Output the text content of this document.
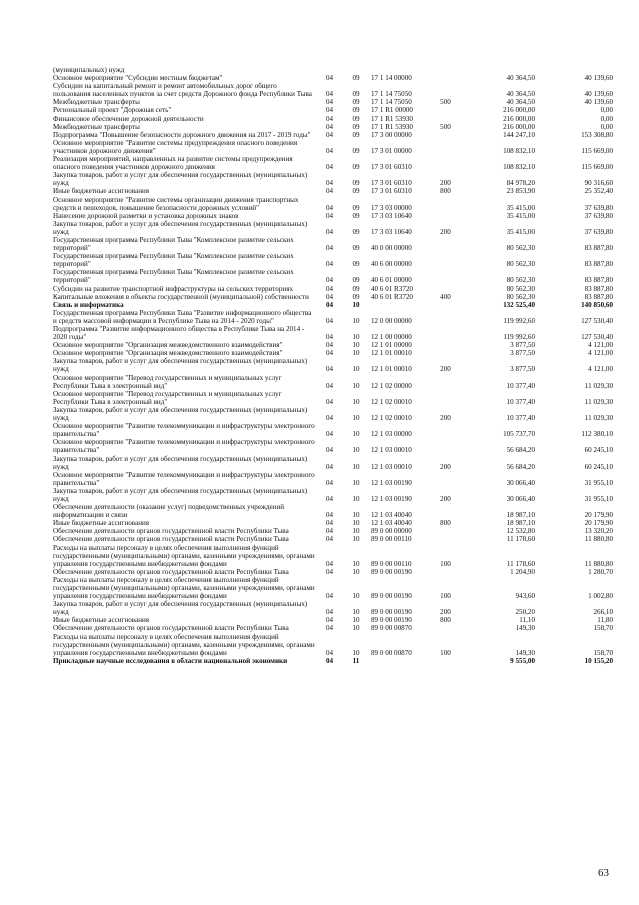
(муниципальных) нужд						
Основное мероприятие "Субсидии местным бюджетам"	04	09	17 1 14 00000		40 364,50	40 139,60
Субсидии на капитальный ремонт и ремонт автомобильных дорог общего пользования населенных пунктов за счет средств Дорожного фонда Республики Тыва	04	09	17 1 14 75050		40 364,50	40 139,60
Межбюджетные трансферты	04	09	17 1 14 75050	500	40 364,50	40 139,60
Региональный проект "Дорожная сеть"	04	09	17 1 R1 00000		216 000,00	0,00
Финансовое обеспечение дорожной деятельности	04	09	17 1 R1 53930		216 000,00	0,00
Межбюджетные трансферты	04	09	17 1 R1 53930	500	216 000,00	0,00
Подпрограмма "Повышение безопасности дорожного движения на 2017 - 2019 годы"	04	09	17 3 00 00000		144 247,10	153 308,80
Основное мероприятие "Развитие системы предупреждения опасного поведения участников дорожного движения"	04	09	17 3 01 00000		108 832,10	115 669,00
Реализация мероприятий, направленных на развитие системы предупреждения опасного поведения участников дорожного движения	04	09	17 3 01 60310		108 832,10	115 669,00
Закупка товаров, работ и услуг для обеспечения государственных (муниципальных) нужд	04	09	17 3 01 60310	200	84 978,20	90 316,60
Иные бюджетные ассигнования	04	09	17 3 01 60310	800	23 853,90	25 352,40
Основное мероприятие "Развитие системы организации движения транспортных средств и пешеходов, повышение безопасности дорожных условий"	04	09	17 3 03 00000		35 415,00	37 639,80
Нанесение дорожной разметки и установка дорожных знаков	04	09	17 3 03 10640		35 415,00	37 639,80
Закупка товаров, работ и услуг для обеспечения государственных (муниципальных) нужд	04	09	17 3 03 10640	200	35 415,00	37 639,80
Государственная программа Республики Тыва "Комплексное развитие сельских территорий"	04	09	40 0 00 00000		80 562,30	83 887,80
Государственная программа Республики Тыва "Комплексное развитие сельских территорий"	04	09	40 6 00 00000		80 562,30	83 887,80
Государственная программа Республики Тыва "Комплексное развитие сельских территорий"	04	09	40 6 01 00000		80 562,30	83 887,80
Субсидии на развитие транспортной инфраструктуры на сельских территориях	04	09	40 6 01 R3720		80 562,30	83 887,80
Капитальные вложения в объекты государственной (муниципальной) собственности	04	09	40 6 01 R3720	400	80 562,30	83 887,80
Связь и информатика	04	10			132 525,40	140 850,60
Государственная программа Республики Тыва "Развитие информационного общества и средств массовой информации в Республике Тыва на 2014 - 2020 годы"	04	10	12 0 00 00000		119 992,60	127 530,40
Подпрограмма "Развитие информационного общества в Республике Тыва на 2014 - 2020 годы"	04	10	12 1 00 00000		119 992,60	127 530,40
Основное мероприятие "Организация межведомственного взаимодействия"	04	10	12 1 01 00000		3 877,50	4 121,00
Основное мероприятие "Организация межведомственного взаимодействия"	04	10	12 1 01 00010		3 877,50	4 121,00
Закупка товаров, работ и услуг для обеспечения государственных (муниципальных) нужд	04	10	12 1 01 00010	200	3 877,50	4 121,00
Основное мероприятие "Перевод государственных и муниципальных услуг Республики Тыва в электронный вид"	04	10	12 1 02 00000		10 377,40	11 029,30
Основное мероприятие "Перевод государственных и муниципальных услуг Республики Тыва в электронный вид"	04	10	12 1 02 00010		10 377,40	11 029,30
Закупка товаров, работ и услуг для обеспечения государственных (муниципальных) нужд	04	10	12 1 02 00010	200	10 377,40	11 029,30
Основное мероприятие "Развитие телекоммуникации и инфраструктуры электронного правительства"	04	10	12 1 03 00000		105 737,70	112 380,10
Основное мероприятие "Развитие телекоммуникации и инфраструктуры электронного правительства"	04	10	12 1 03 00010		56 684,20	60 245,10
Закупка товаров, работ и услуг для обеспечения государственных (муниципальных) нужд	04	10	12 1 03 00010	200	56 684,20	60 245,10
Основное мероприятие "Развитие телекоммуникации и инфраструктуры электронного правительства"	04	10	12 1 03 00190		30 066,40	31 955,10
Закупка товаров, работ и услуг для обеспечения государственных (муниципальных) нужд	04	10	12 1 03 00190	200	30 066,40	31 955,10
Обеспечение деятельности (оказание услуг) подведомственных учреждений информатизации и связи	04	10	12 1 03 40040		18 987,10	20 179,90
Иные бюджетные ассигнования	04	10	12 1 03 40040	800	18 987,10	20 179,90
Обеспечение деятельности органов государственной власти Республики Тыва	04	10	89 0 00 00000		12 532,80	13 320,20
Обеспечение деятельности органов государственной власти Республики Тыва	04	10	89 0 00 00110		11 178,60	11 880,80
Расходы на выплаты персоналу в целях обеспечения выполнения функций государственными (муниципальными) органами, казенными учреждениями, органами управления государственными внебюджетными фондами	04	10	89 0 00 00110	100	11 178,60	11 880,80
Обеспечение деятельности органов государственной власти Республики Тыва	04	10	89 0 00 00190		1 204,90	1 280,70
Расходы на выплаты персоналу в целях обеспечения выполнения функций государственными (муниципальными) органами, казенными учреждениями, органами управления государственными внебюджетными фондами	04	10	89 0 00 00190	100	943,60	1 002,80
Закупка товаров, работ и услуг для обеспечения государственных (муниципальных) нужд	04	10	89 0 00 00190	200	250,20	266,10
Иные бюджетные ассигнования	04	10	89 0 00 00190	800	11,10	11,80
Обеспечение деятельности органов государственной власти Республики Тыва	04	10	89 0 00 00870		149,30	158,70
Расходы на выплаты персоналу в целях обеспечения выполнения функций государственными (муниципальными) органами, казенными учреждениями, органами управления государственными внебюджетными фондами	04	10	89 0 00 00870	100	149,30	158,70
Прикладные научные исследования в области национальной экономики	04	11			9 555,00	10 155,20
63
